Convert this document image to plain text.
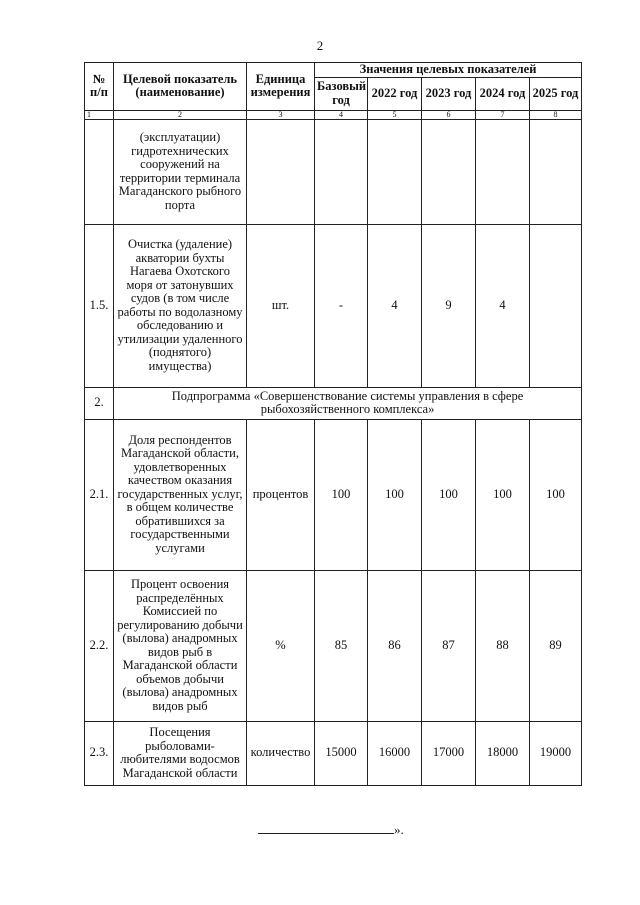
2
№ п/п	Целевой показатель (наименование)	Единица измерения	Значения целевых показателей				
			Базовый год	2022 год	2023 год	2024 год	2025 год
1	2	3	4	5	6	7	8
	(эксплуатации) гидротехнических сооружений на территории терминала Магаданского рыбного порта						
1.5.	Очистка (удаление) акватории бухты Нагаева Охотского моря от затонувших судов (в том числе работы по водолазному обследованию и утилизации удаленного (поднятого) имущества)	шт.	-	4	9	4	
2.	Подпрограмма «Совершенствование системы управления в сфере рыбохозяйственного комплекса»						
2.1.	Доля респондентов Магаданской области, удовлетворенных качеством оказания государственных услуг, в общем количестве обратившихся за государственными услугами	процентов	100	100	100	100	100
2.2.	Процент освоения распределённых Комиссией по регулированию добычи (вылова) анадромных видов рыб в Магаданской области объемов добычи (вылова) анадромных видов рыб	%	85	86	87	88	89
2.3.	Посещения рыболовами-любителями водосмов Магаданской области	количество	15000	16000	17000	18000	19000
».
